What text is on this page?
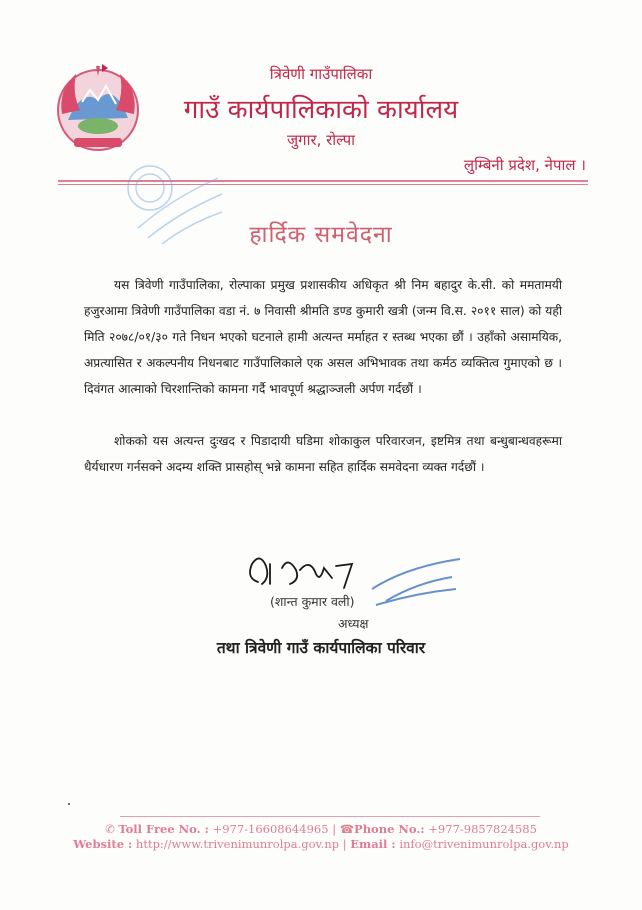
त्रिवेणी गाउँपालिका
गाउँ कार्यपालिकाको कार्यालय
जुगार, रोल्पा
लुम्बिनी प्रदेश, नेपाल ।
हार्दिक समवेदना
यस त्रिवेणी गाउँपालिका, रोल्पाका प्रमुख प्रशासकीय अधिकृत श्री निम बहादुर के.सी. को ममतामयी हजुरआमा त्रिवेणी गाउँपालिका वडा नं. ७ निवासी श्रीमति डण्ड कुमारी खत्री (जन्म वि.स. २०११ साल) को यही मिति २०७८/०१/३० गते निधन भएको घटनाले हामी अत्यन्त मर्माहत र स्तब्ध भएका छौं । उहाँको असामयिक, अप्रत्यासित र अकल्पनीय निधनबाट गाउँपालिकाले एक असल अभिभावक तथा कर्मठ व्यक्तित्व गुमाएको छ । दिवंगत आत्माको चिरशान्तिको कामना गर्दै भावपूर्ण श्रद्धाञ्जली अर्पण गर्दछौं ।
शोकको यस अत्यन्त दुःखद र पिडादायी घडिमा शोकाकुल परिवारजन, इष्टमित्र तथा बन्धुबान्धवहरूमा धैर्यधारण गर्नसक्ने अदम्य शक्ति प्रासहोस् भन्ने कामना सहित हार्दिक समवेदना व्यक्त गर्दछौं ।
(शान्त कुमार वली)
अध्यक्ष
तथा त्रिवेणी गाउँ कार्यपालिका परिवार
✆ Toll Free No. : +977-16608644965 | ☎Phone No.: +977-9857824585
Website : http://www.trivenimunrolpa.gov.np | Email : info@trivenimunrolpa.gov.np
